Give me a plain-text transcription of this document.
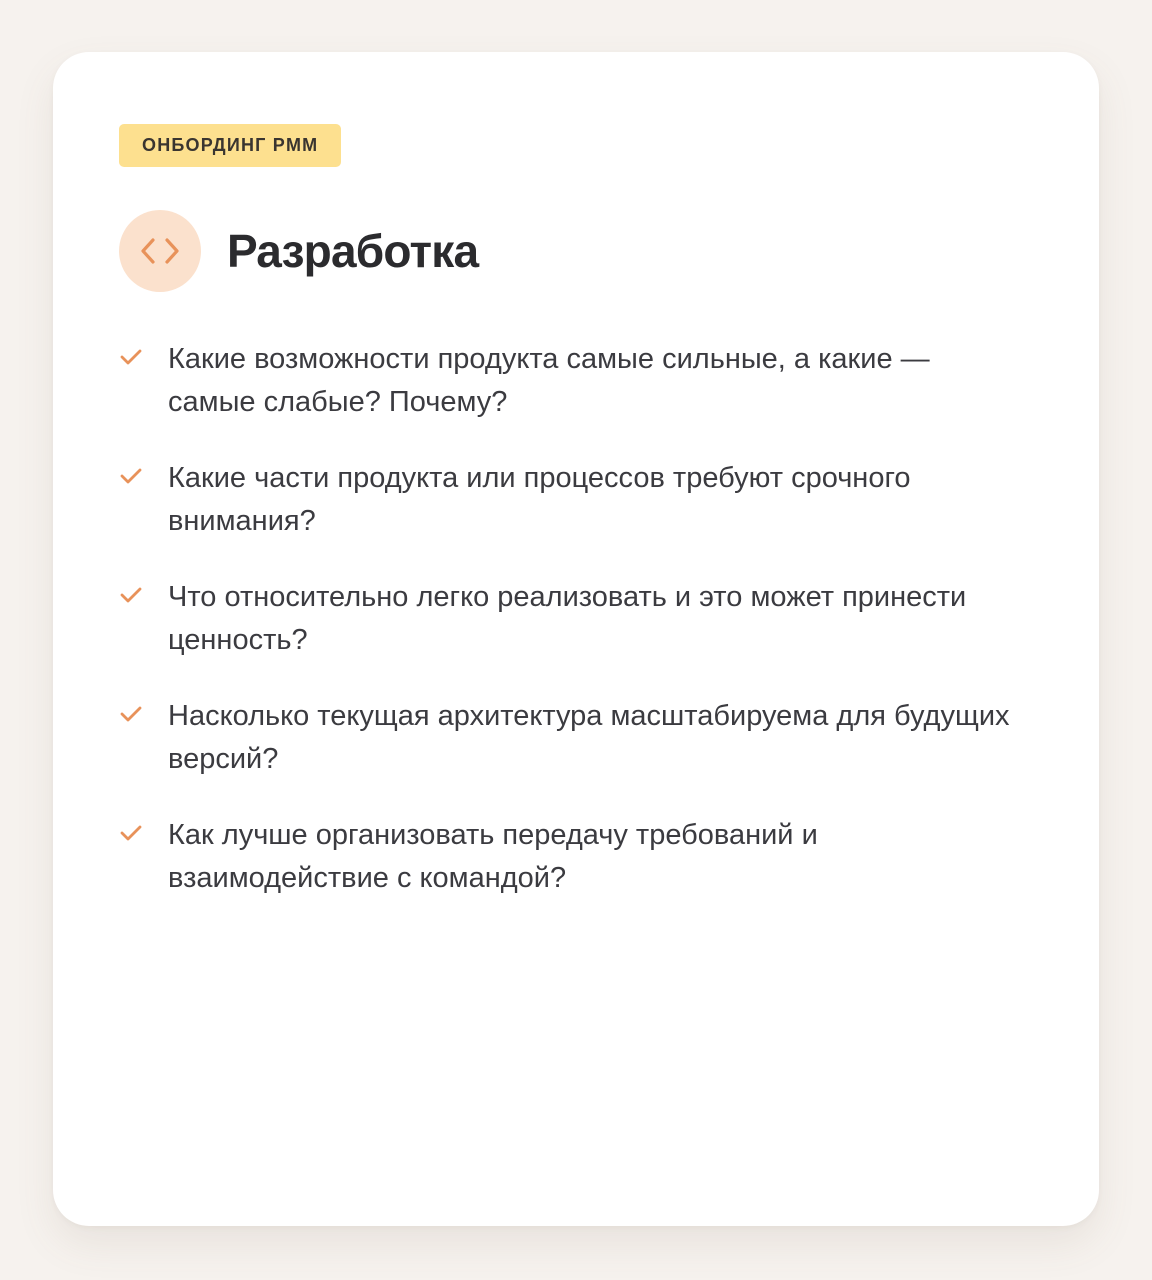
ОНБОРДИНГ PMM
Разработка
Какие возможности продукта самые сильные, а какие — самые слабые? Почему?
Какие части продукта или процессов требуют срочного внимания?
Что относительно легко реализовать и это может принести ценность?
Насколько текущая архитектура масштабируема для будущих версий?
Как лучше организовать передачу требований и взаимодействие с командой?
